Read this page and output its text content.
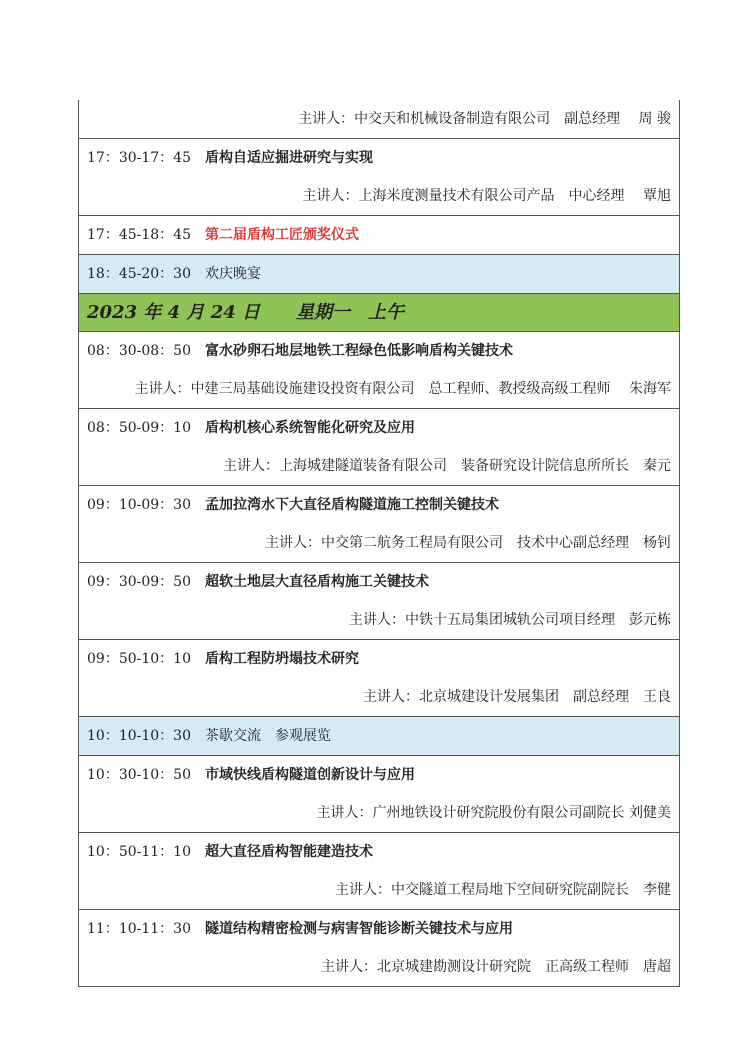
主讲人：中交天和机械设备制造有限公司　副总经理　 周 骏
17：30-17：45 盾构自适应掘进研究与实现
主讲人：上海米度测量技术有限公司产品　中心经理　 覃旭
17：45-18：45 第二届盾构工匠颁奖仪式
18：45-20：30 欢庆晚宴
2023 年 4 月 24 日　　星期一　上午
08：30-08：50 富水砂卵石地层地铁工程绿色低影响盾构关键技术
主讲人：中建三局基础设施建设投资有限公司　总工程师、教授级高级工程师　 朱海军
08：50-09：10 盾构机核心系统智能化研究及应用
主讲人：上海城建隧道装备有限公司　装备研究设计院信息所所长　秦元
09：10-09：30 孟加拉湾水下大直径盾构隧道施工控制关键技术
主讲人：中交第二航务工程局有限公司　技术中心副总经理　杨钊
09：30-09：50 超软土地层大直径盾构施工关键技术
主讲人：中铁十五局集团城轨公司项目经理　彭元栋
09：50-10：10 盾构工程防坍塌技术研究
主讲人：北京城建设计发展集团　副总经理　王良
10：10-10：30 茶歇交流　参观展览
10：30-10：50 市域快线盾构隧道创新设计与应用
主讲人：广州地铁设计研究院股份有限公司副院长 刘健美
10：50-11：10 超大直径盾构智能建造技术
主讲人：中交隧道工程局地下空间研究院副院长　李健
11：10-11：30 隧道结构精密检测与病害智能诊断关键技术与应用
主讲人：北京城建勘测设计研究院　正高级工程师　唐超
